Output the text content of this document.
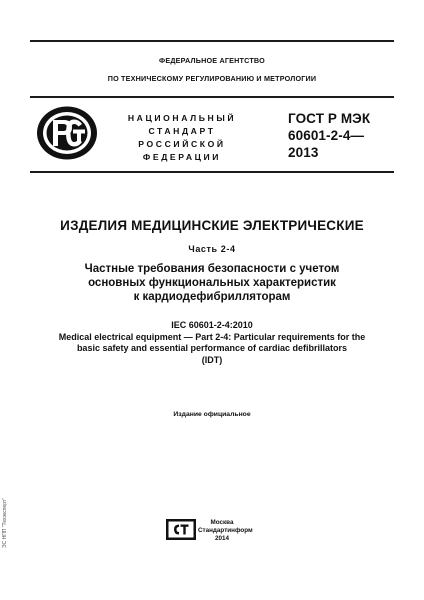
ФЕДЕРАЛЬНОЕ АГЕНТСТВО
ПО ТЕХНИЧЕСКОМУ РЕГУЛИРОВАНИЮ И МЕТРОЛОГИИ
НАЦИОНАЛЬНЫЙ
СТАНДАРТ
РОССИЙСКОЙ
ФЕДЕРАЦИИ
ГОСТ Р МЭК
60601-2-4—
2013
ИЗДЕЛИЯ МЕДИЦИНСКИЕ ЭЛЕКТРИЧЕСКИЕ
Часть 2-4
Частные требования безопасности с учетом
основных функциональных характеристик
к кардиодефибрилляторам
IEC 60601-2-4:2010
Medical electrical equipment — Part 2-4: Particular requirements for the
basic safety and essential performance of cardiac defibrillators
(IDT)
Издание официальное
Москва
Стандартинформ
2014
ЭС НПП "Техэксперт"
